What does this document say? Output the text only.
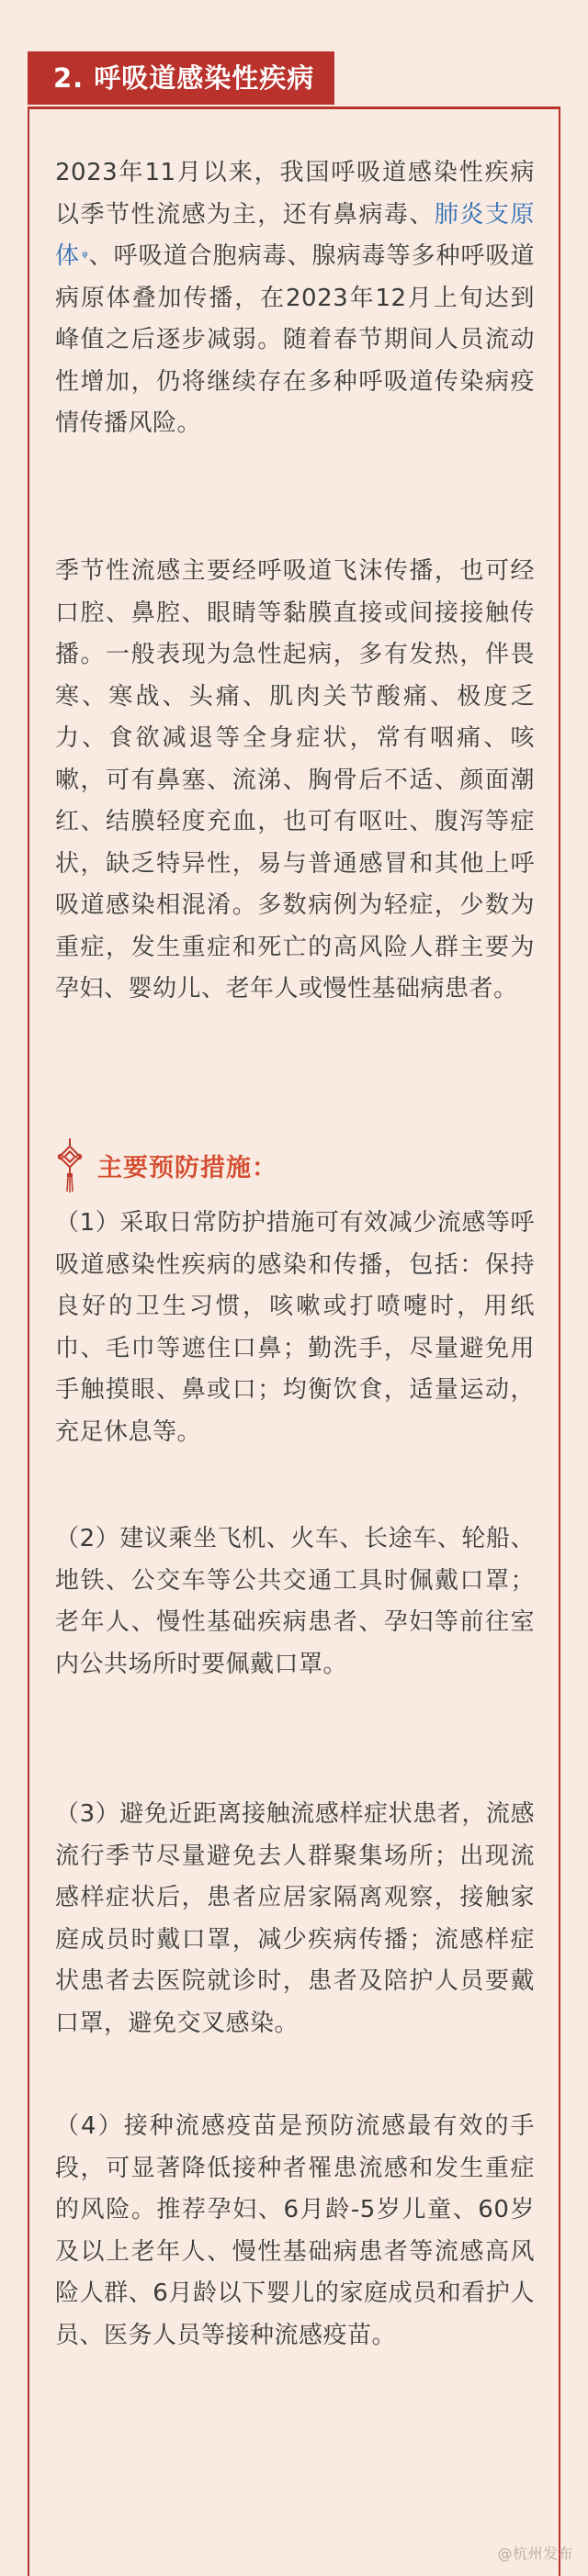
2. 呼吸道感染性疾病

2023年11月以来，我国呼吸道感染性疾病以季节性流感为主，还有鼻病毒、肺炎支原体 $^ᵠ$、呼吸道合胞病毒、腺病毒等多种呼吸道病原体叠加传播，在2023年12月上旬达到峰值之后逐步减弱。随着春节期间人员流动性增加，仍将继续存在多种呼吸道传染病疫情传播风险。

季节性流感主要经呼吸道飞沫传播，也可经口腔、鼻腔、眼睛等黏膜直接或间接接触传播。一般表现为急性起病，多有发热，伴畏寒、寒战、头痛、肌肉关节酸痛、极度乏力、食欲减退等全身症状，常有咽痛、咳嗽，可有鼻塞、流涕、胸骨后不适、颜面潮红、结膜轻度充血，也可有呕吐、腹泻等症状，缺乏特异性，易与普通感冒和其他上呼吸道感染相混淆。多数病例为轻症，少数为重症，发生重症和死亡的高风险人群主要为孕妇、婴幼儿、老年人或慢性基础病患者。

主要预防措施：

（1）采取日常防护措施可有效减少流感等呼吸道感染性疾病的感染和传播，包括：保持良好的卫生习惯，咳嗽或打喷嚏时，用纸巾、毛巾等遮住口鼻；勤洗手，尽量避免用手触摸眼、鼻或口；均衡饮食，适量运动，充足休息等。

（2）建议乘坐飞机、火车、长途车、轮船、地铁、公交车等公共交通工具时佩戴口罩；老年人、慢性基础疾病患者、孕妇等前往室内公共场所时要佩戴口罩。

（3）避免近距离接触流感样症状患者，流感流行季节尽量避免去人群聚集场所；出现流感样症状后，患者应居家隔离观察，接触家庭成员时戴口罩，减少疾病传播；流感样症状患者去医院就诊时，患者及陪护人员要戴口罩，避免交叉感染。

（4）接种流感疫苗是预防流感最有效的手段，可显著降低接种者罹患流感和发生重症的风险。推荐孕妇、6月龄-5岁儿童、60岁及以上老年人、慢性基础病患者等流感高风险人群、6月龄以下婴儿的家庭成员和看护人员、医务人员等接种流感疫苗。

@杭州发布
